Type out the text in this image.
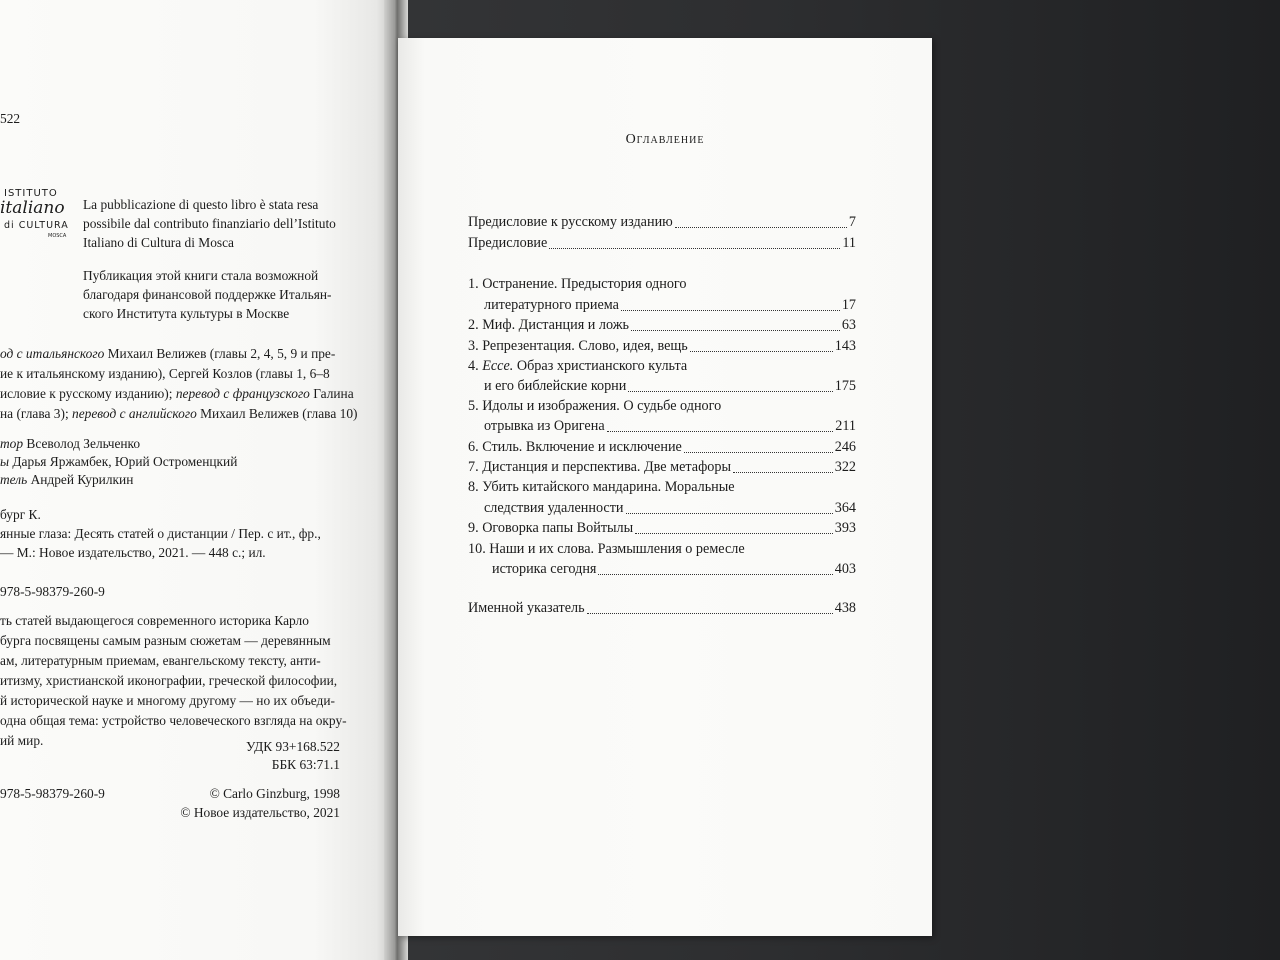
522
ISTITUTO
italiano
di CULTURA
MOSCA
La pubblicazione di questo libro è stata resa
possibile dal contributo finanziario dell’Istituto
Italiano di Cultura di Mosca
Публикация этой книги стала возможной
благодаря финансовой поддержке Итальян-
ского Института культуры в Москве
од с итальянского Михаил Велижев (главы 2, 4, 5, 9 и пре-
ие к итальянскому изданию), Сергей Козлов (главы 1, 6–8
исловие к русскому изданию); перевод с французского Галина
на (глава 3); перевод с английского Михаил Велижев (глава 10)
тор Всеволод Зельченко
ы Дарья Яржамбек, Юрий Остроменцкий
тель Андрей Курилкин
бург К.
янные глаза: Десять статей о дистанции / Пер. с ит., фр.,
— М.: Новое издательство, 2021. — 448 с.; ил.
978-5-98379-260-9
ть статей выдающегося современного историка Карло
бурга посвящены самым разным сюжетам — деревянным
ам, литературным приемам, евангельскому тексту, анти-
итизму, христианской иконографии, греческой философии,
й исторической науке и многому другому — но их объеди-
одна общая тема: устройство человеческого взгляда на окру-
ий мир.	УДК 93+168.522
ББК 63:71.1
978-5-98379-260-9	© Carlo Ginzburg, 1998
© Новое издательство, 2021
Оглавление
Предисловие к русскому изданию	7
Предисловие	11
1. Остранение. Предыстория одного
литературного приема	17
2. Миф. Дистанция и ложь	63
3. Репрезентация. Слово, идея, вещь	143
4. Ecce. Образ христианского культа
и его библейские корни	175
5. Идолы и изображения. О судьбе одного
отрывка из Оригена	211
6. Стиль. Включение и исключение	246
7. Дистанция и перспектива. Две метафоры	322
8. Убить китайского мандарина. Моральные
следствия удаленности	364
9. Оговорка папы Войтылы	393
10. Наши и их слова. Размышления о ремесле
историка сегодня	403
Именной указатель	438
